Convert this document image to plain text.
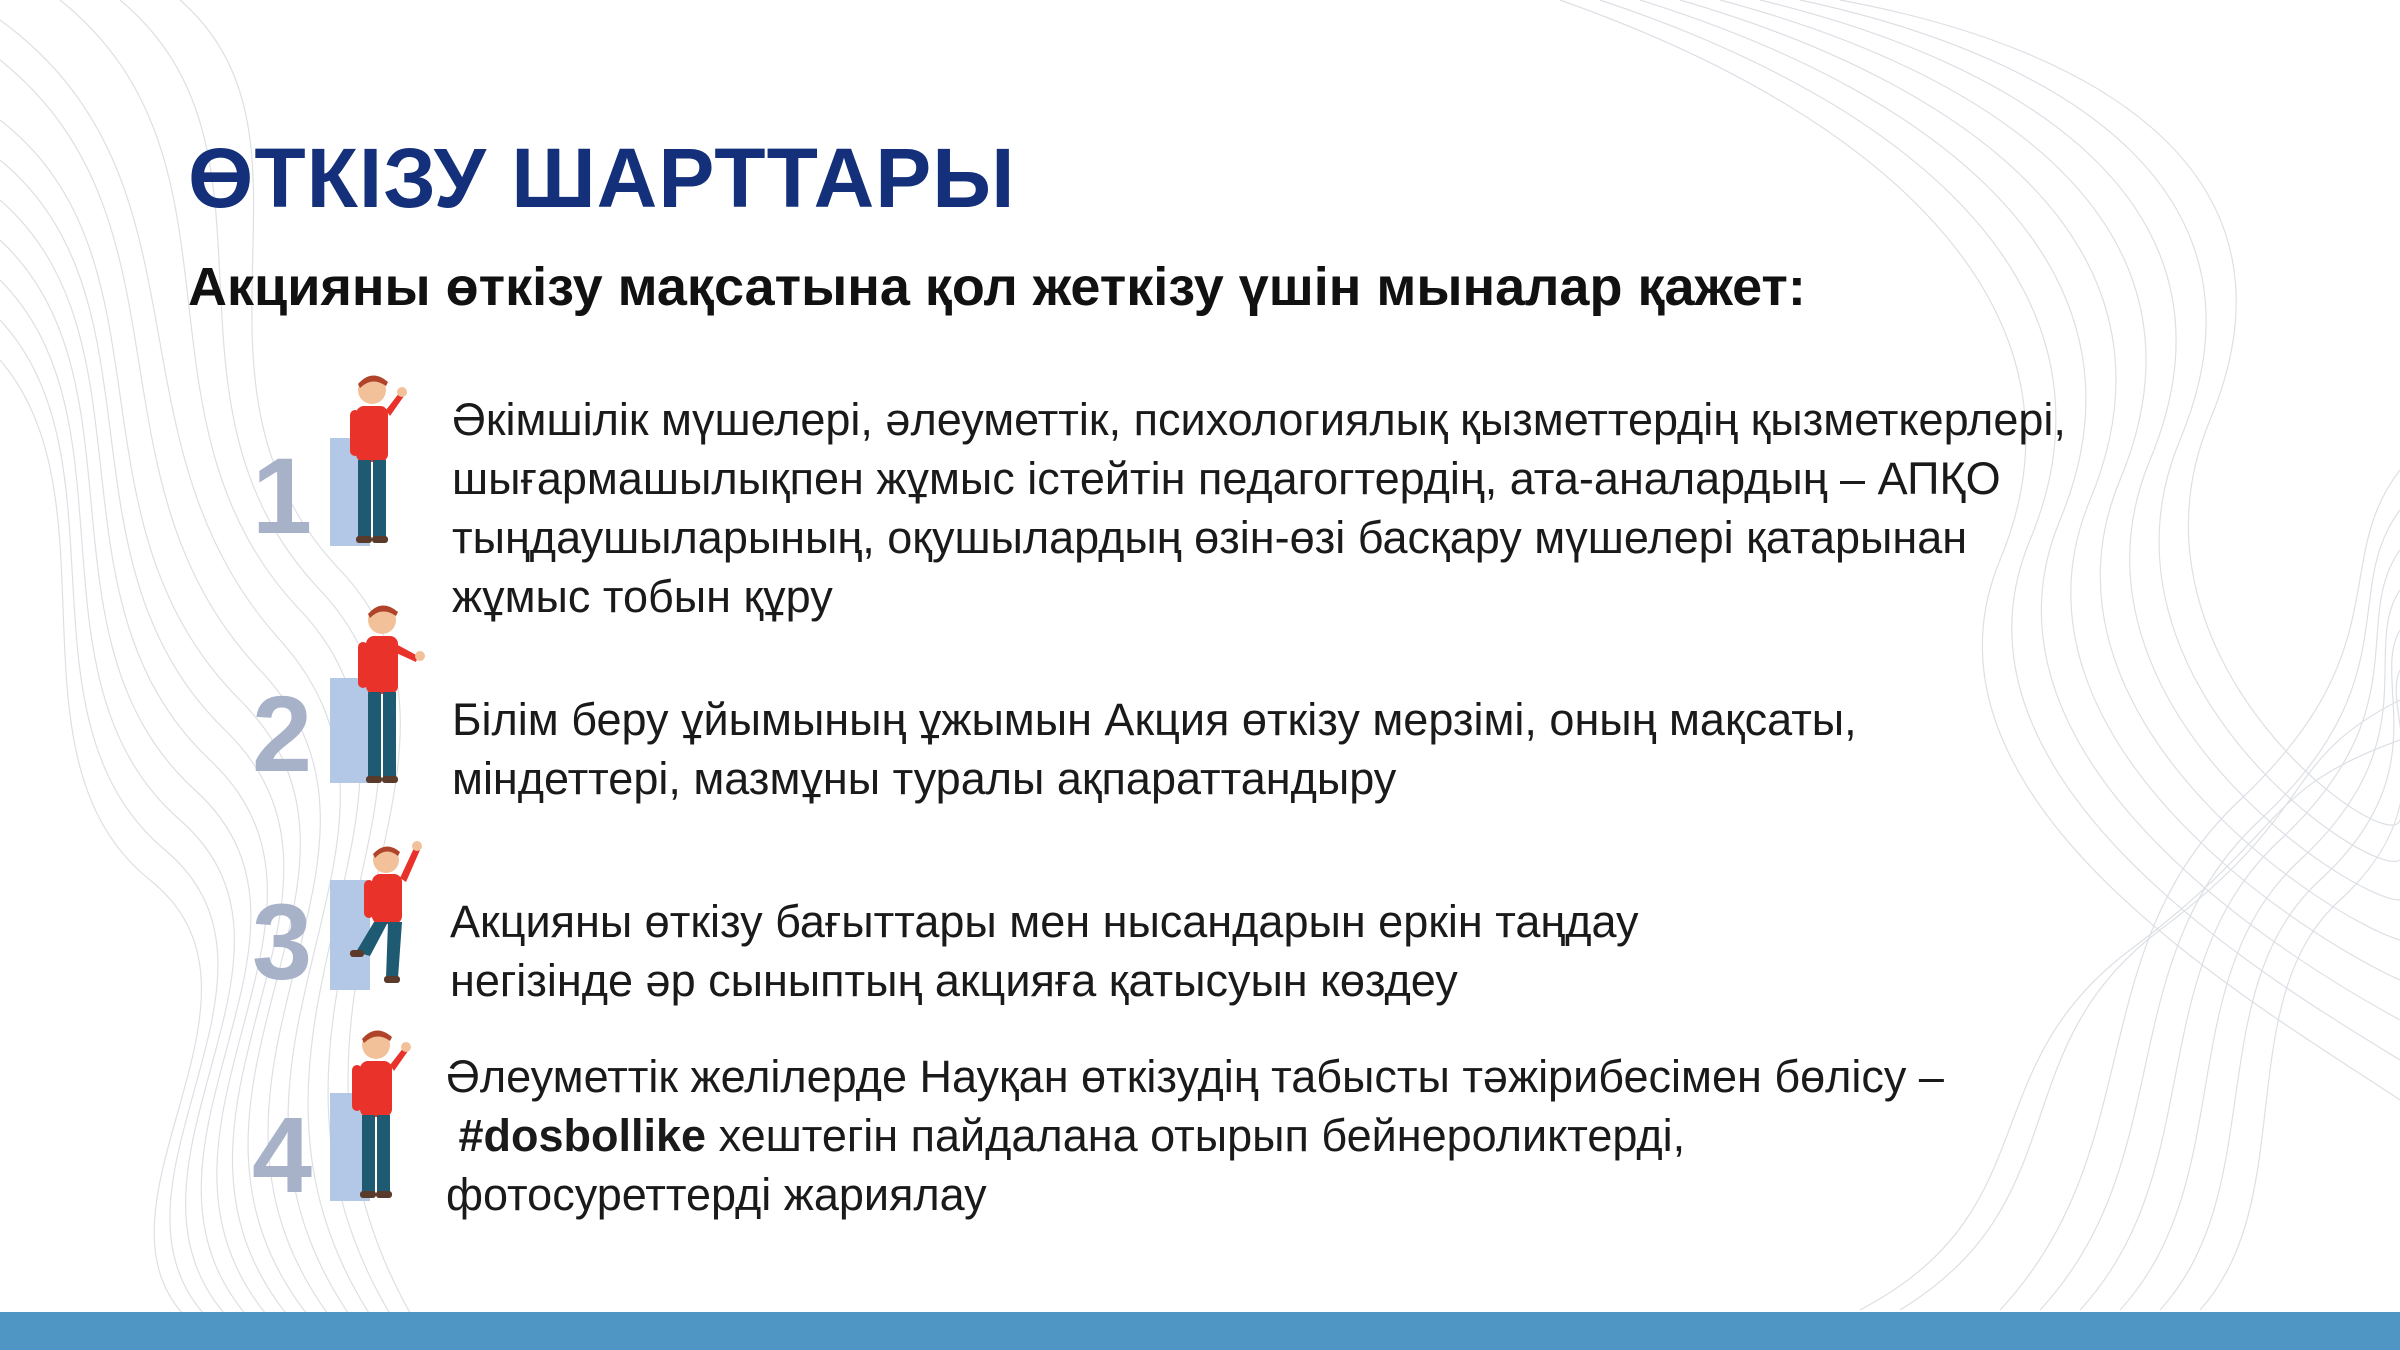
ӨТКІЗУ ШАРТТАРЫ
Акцияны өткізу мақсатына қол жеткізу үшін мыналар қажет:
1

Әкімшілік мүшелері, әлеуметтік, психологиялық қызметтердің қызметкерлері,
шығармашылықпен жұмыс істейтін педагогтердің, ата-аналардың – АПҚО
тыңдаушыларының, оқушылардың өзін-өзі басқару мүшелері қатарынан
жұмыс тобын құру

2	Білім беру ұйымының ұжымын Акция өткізу мерзімі, оның мақсаты,
міндеттері, мазмұны туралы ақпараттандыру

3	Акцияны өткізу бағыттары мен нысандарын еркін таңдау
негізінде әр сыныптың акцияға қатысуын көздеу

4

Әлеуметтік желілерде Науқан өткізудің табысты тәжірибесімен бөлісу –
#dosbollike хештегін пайдалана отырып бейнероликтерді,
фотосуреттерді жариялау
